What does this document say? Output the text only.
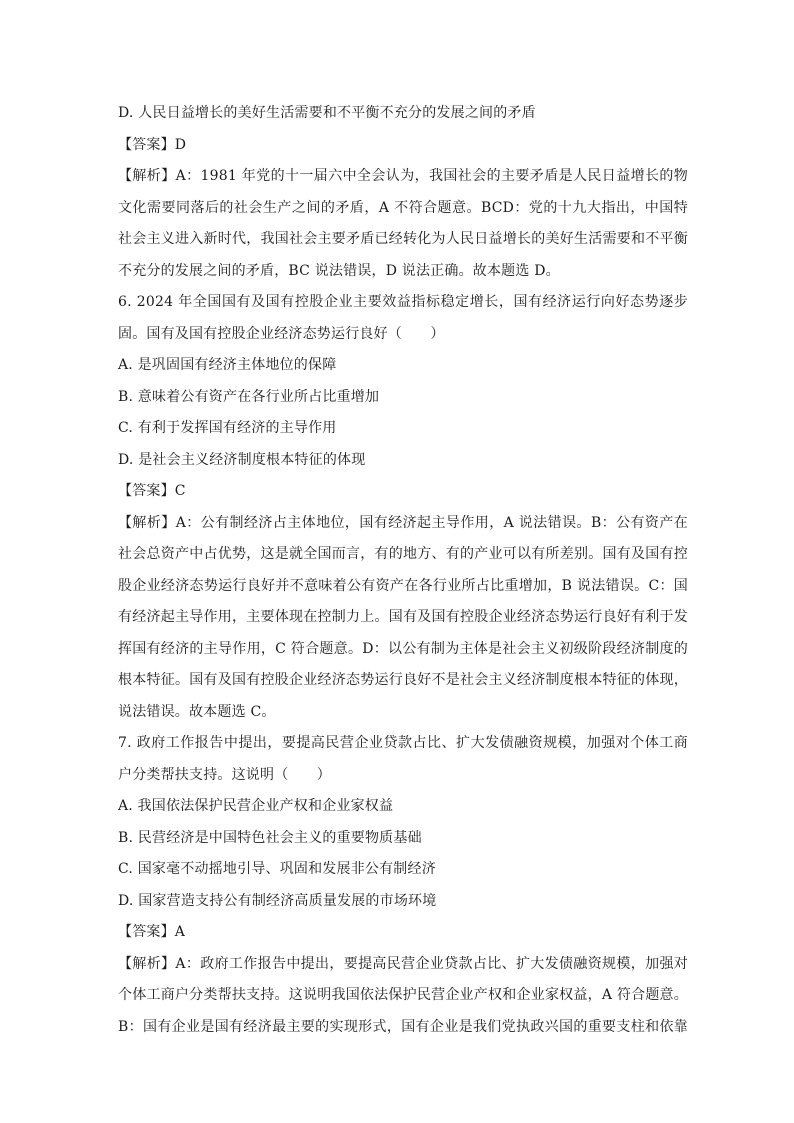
D. 人民日益增长的美好生活需要和不平衡不充分的发展之间的矛盾
【答案】D
【解析】A：1981 年党的十一届六中全会认为，我国社会的主要矛盾是人民日益增长的物
文化需要同落后的社会生产之间的矛盾，A 不符合题意。BCD：党的十九大指出，中国特
社会主义进入新时代，我国社会主要矛盾已经转化为人民日益增长的美好生活需要和不平衡
不充分的发展之间的矛盾，BC 说法错误，D 说法正确。故本题选 D。
6. 2024 年全国国有及国有控股企业主要效益指标稳定增长，国有经济运行向好态势逐步
固。国有及国有控股企业经济态势运行良好（　　）
A. 是巩固国有经济主体地位的保障
B. 意味着公有资产在各行业所占比重增加
C. 有利于发挥国有经济的主导作用
D. 是社会主义经济制度根本特征的体现
【答案】C
【解析】A：公有制经济占主体地位，国有经济起主导作用，A 说法错误。B：公有资产在
社会总资产中占优势，这是就全国而言，有的地方、有的产业可以有所差别。国有及国有控
股企业经济态势运行良好并不意味着公有资产在各行业所占比重增加，B 说法错误。C：国
有经济起主导作用，主要体现在控制力上。国有及国有控股企业经济态势运行良好有利于发
挥国有经济的主导作用，C 符合题意。D：以公有制为主体是社会主义初级阶段经济制度的
根本特征。国有及国有控股企业经济态势运行良好不是社会主义经济制度根本特征的体现，
说法错误。故本题选 C。
7. 政府工作报告中提出，要提高民营企业贷款占比、扩大发债融资规模，加强对个体工商
户分类帮扶支持。这说明（　　）
A. 我国依法保护民营企业产权和企业家权益
B. 民营经济是中国特色社会主义的重要物质基础
C. 国家毫不动摇地引导、巩固和发展非公有制经济
D. 国家营造支持公有制经济高质量发展的市场环境
【答案】A
【解析】A：政府工作报告中提出，要提高民营企业贷款占比、扩大发债融资规模，加强对
个体工商户分类帮扶支持。这说明我国依法保护民营企业产权和企业家权益，A 符合题意。
B：国有企业是国有经济最主要的实现形式，国有企业是我们党执政兴国的重要支柱和依靠
